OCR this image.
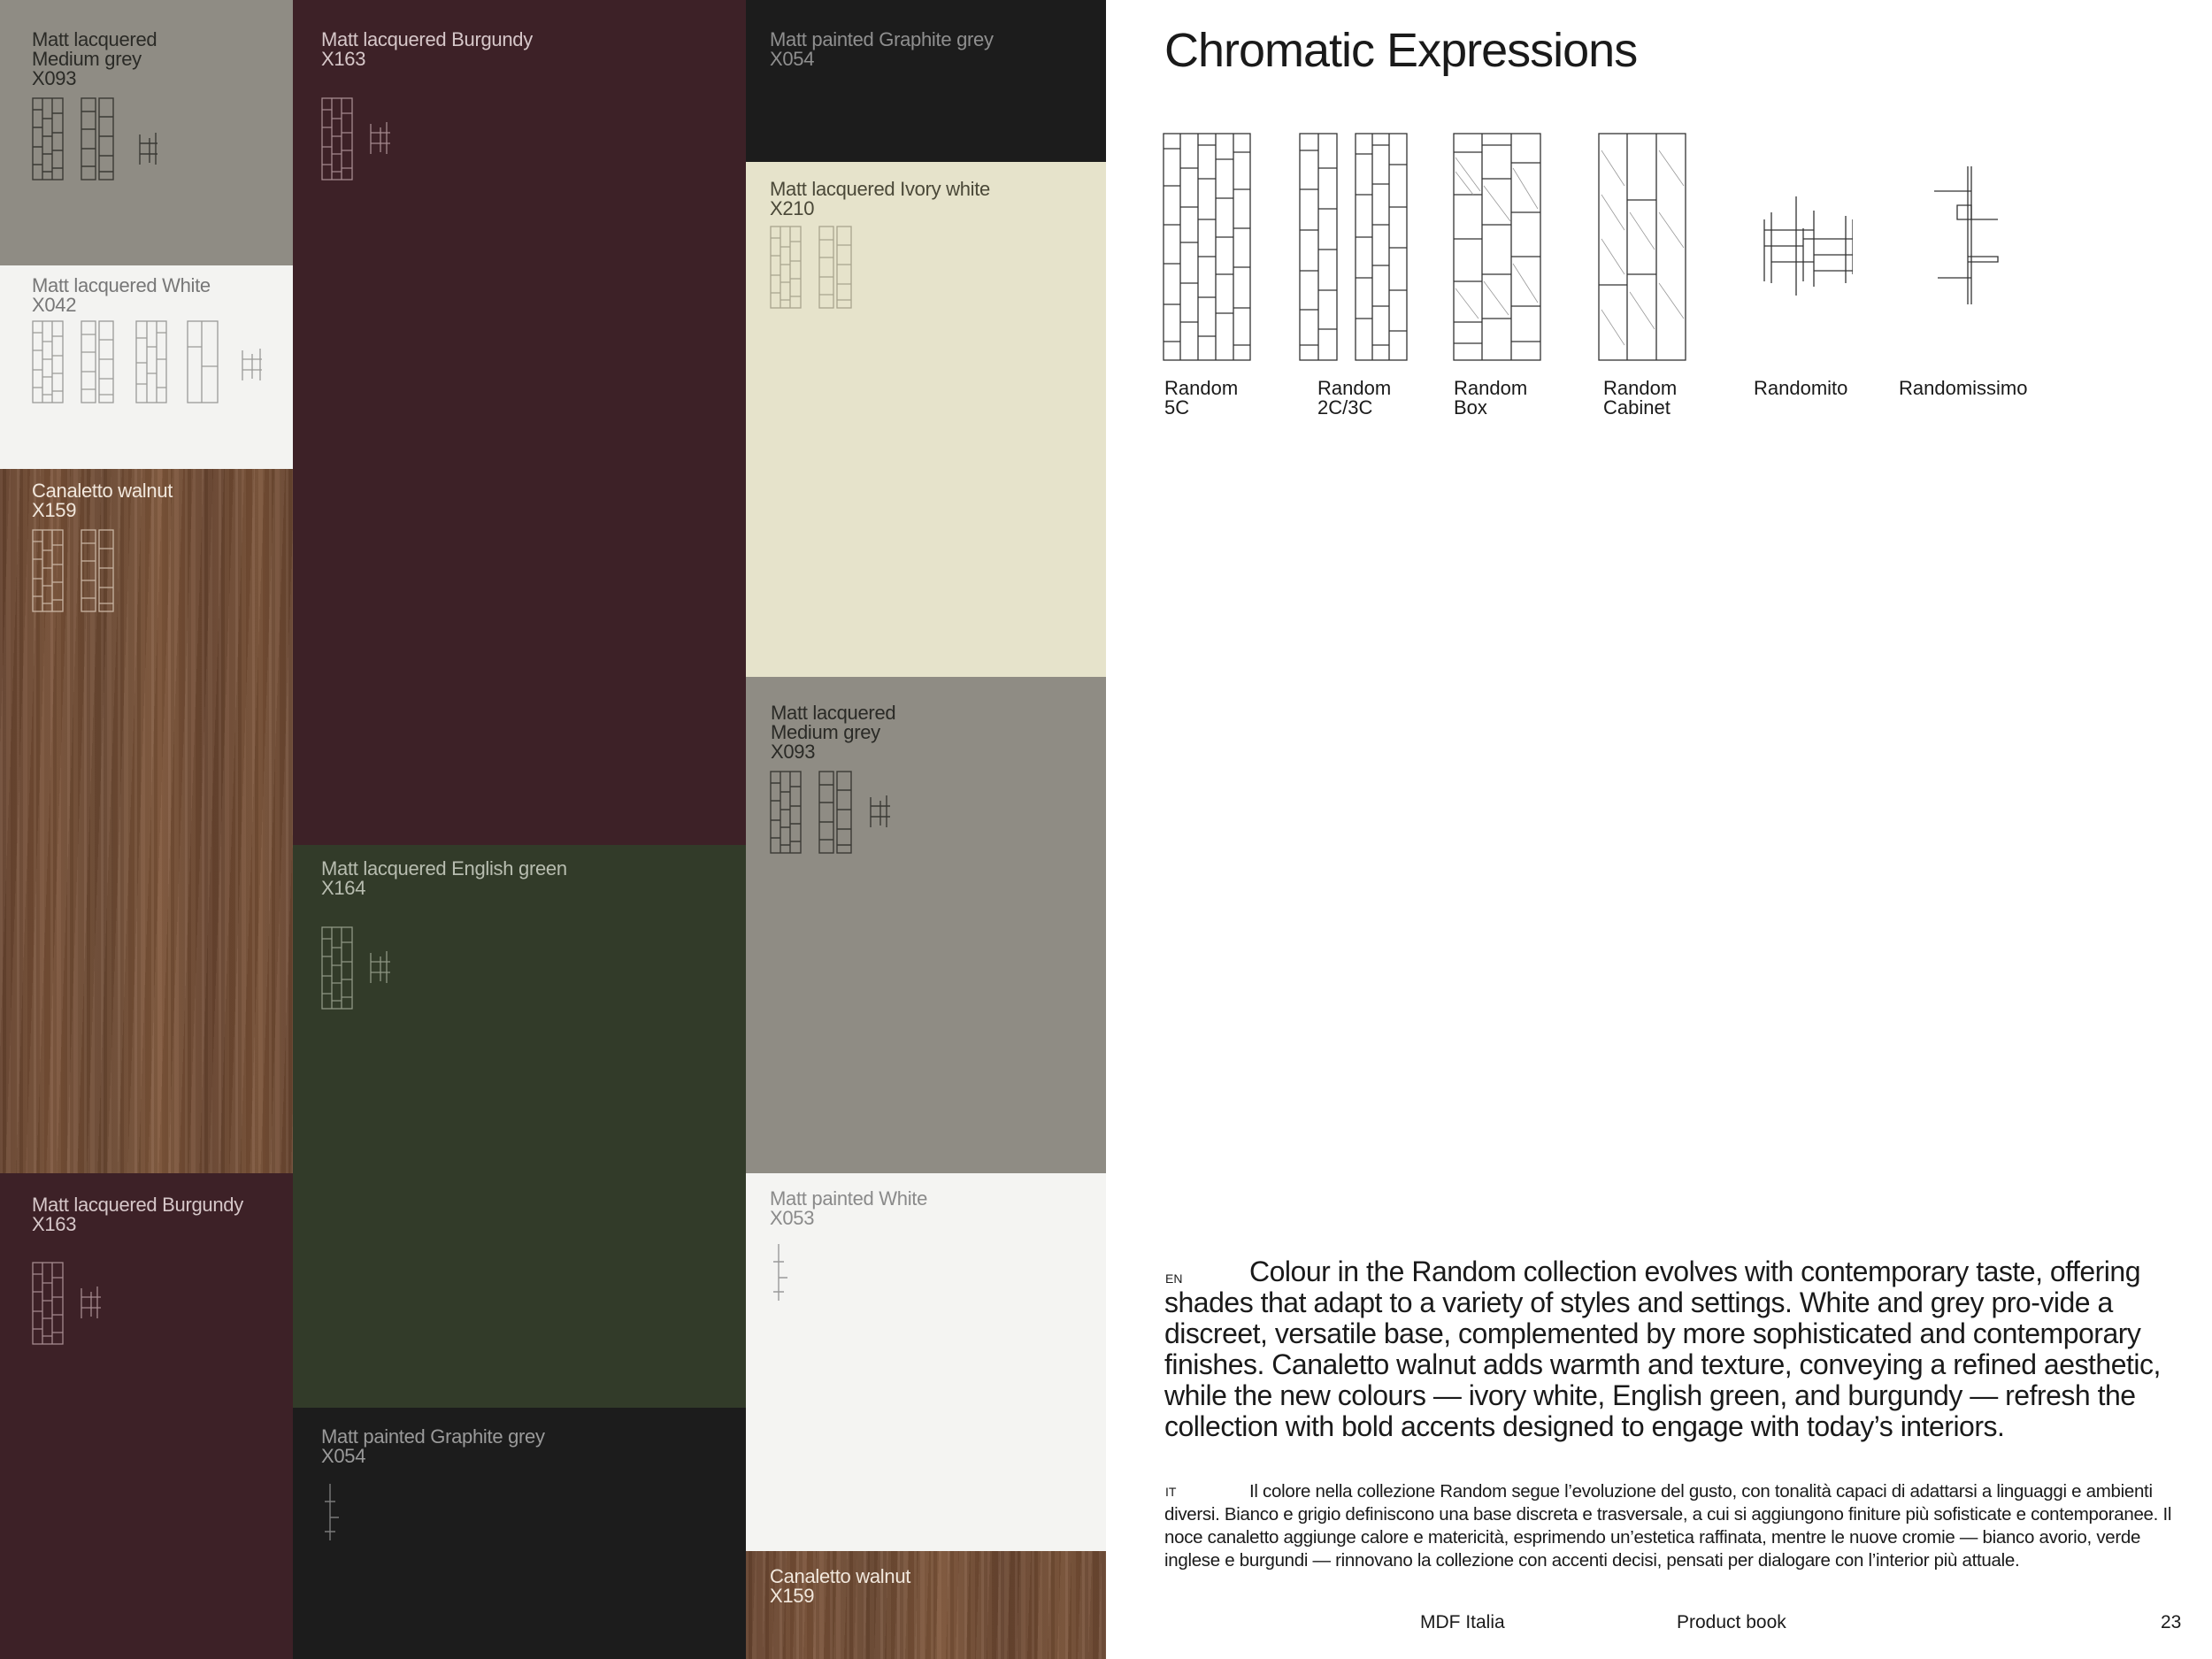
Matt lacquered
Medium grey
X093
Matt lacquered White
X042
Canaletto walnut
X159
Matt lacquered Burgundy
X163
Matt lacquered Burgundy
X163
Matt lacquered English green
X164
Matt painted Graphite grey
X054
Matt painted Graphite grey
X054
Matt lacquered Ivory white
X210
Matt lacquered
Medium grey
X093
Matt painted White
X053
Canaletto walnut
X159
Chromatic Expressions
Random
5C
Random
2C/3C
Random
Box
Random
Cabinet
Randomito	Randomissimo
EN	Colour in the Random collection evolves with contemporary taste, offering shades that adapt to a variety of styles and settings. White and grey pro-vide a discreet, versatile base, complemented by more sophisticated and contemporary finishes. Canaletto walnut adds warmth and texture, conveying a refined aesthetic, while the new colours — ivory white, English green, and burgundy — refresh the collection with bold accents designed to engage with today’s interiors.
IT	Il colore nella collezione Random segue l’evoluzione del gusto, con tonalità capaci di adattarsi a linguaggi e ambienti diversi. Bianco e grigio definiscono una base discreta e trasversale, a cui si aggiungono finiture più sofisticate e contemporanee. Il noce canaletto aggiunge calore e matericità, esprimendo un’estetica raffinata, mentre le nuove cromie — bianco avorio, verde inglese e burgundi — rinnovano la collezione con accenti decisi, pensati per dialogare con l’interior più attuale.
MDF Italia	Product book	23
